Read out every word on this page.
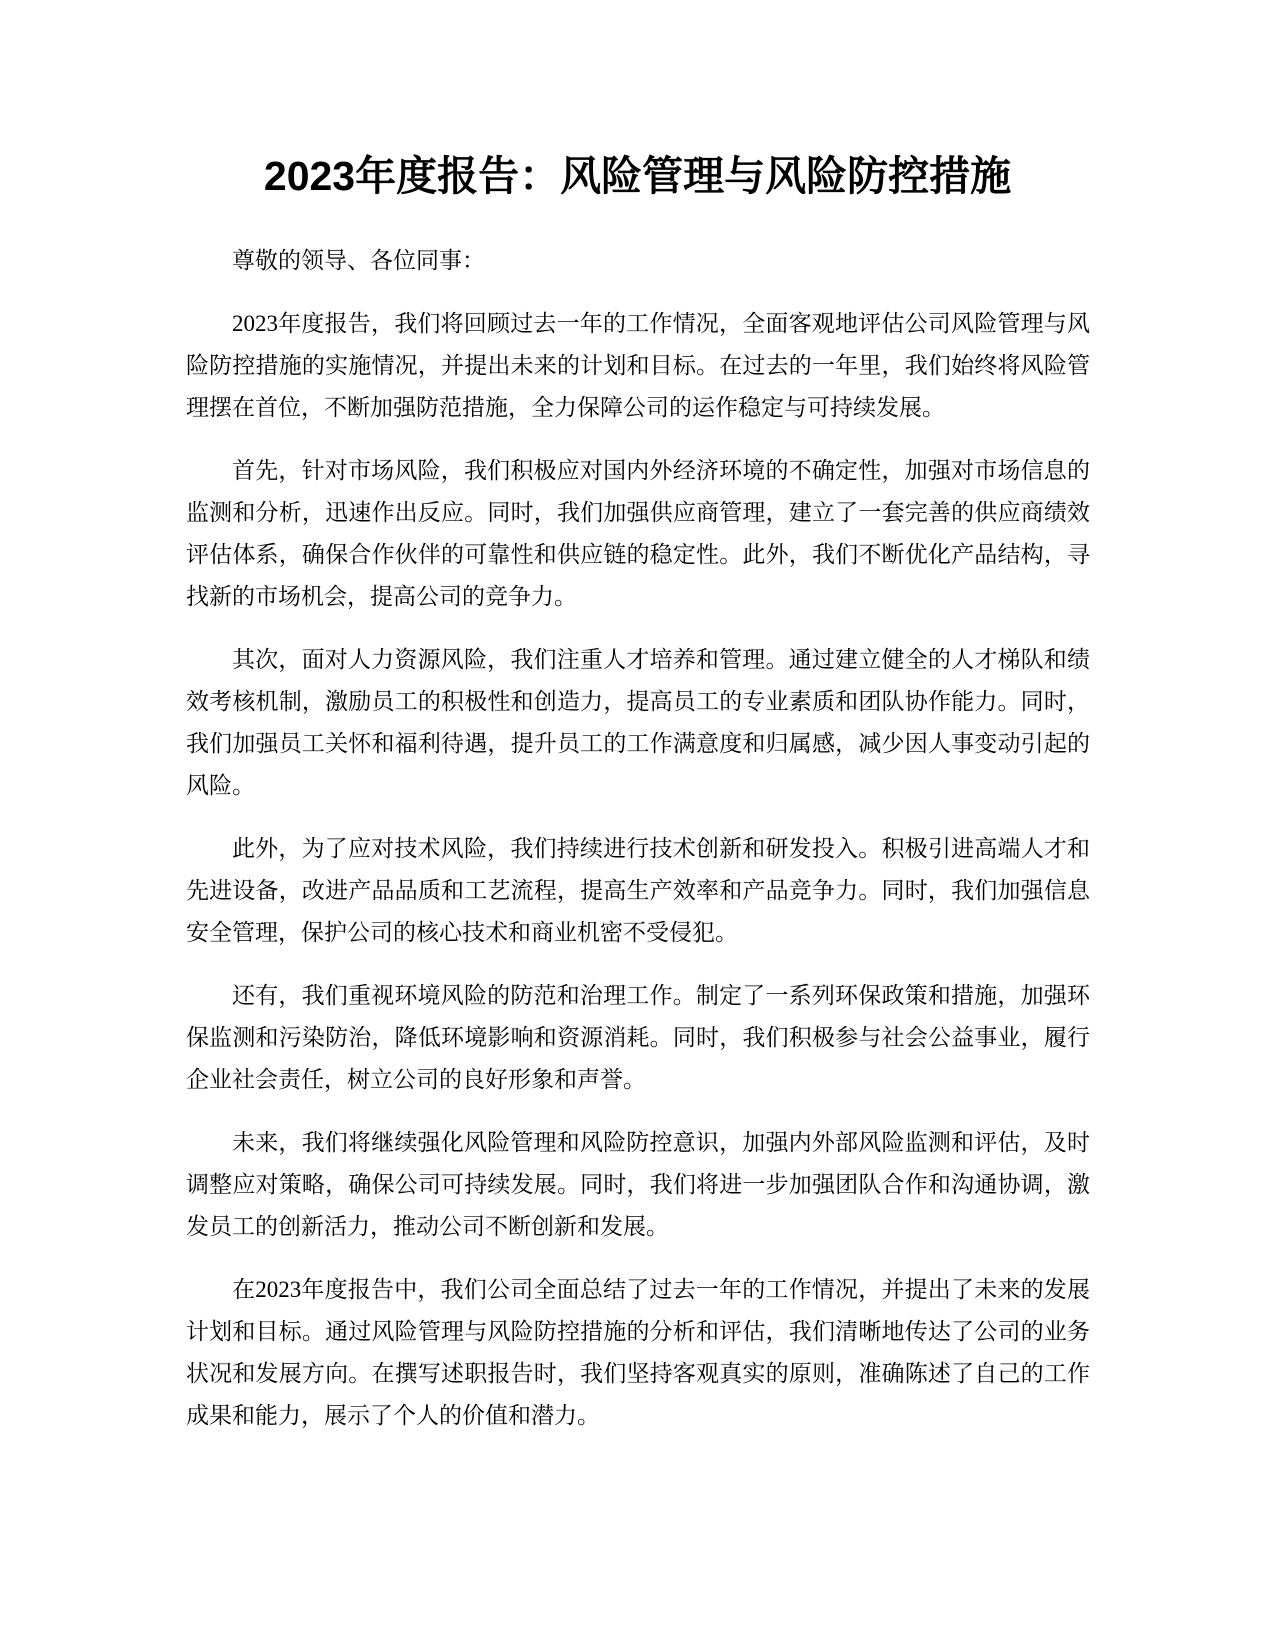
2023年度报告：风险管理与风险防控措施

尊敬的领导、各位同事：

2023年度报告，我们将回顾过去一年的工作情况，全面客观地评估公司风险管理与风险防控措施的实施情况，并提出未来的计划和目标。在过去的一年里，我们始终将风险管理摆在首位，不断加强防范措施，全力保障公司的运作稳定与可持续发展。

首先，针对市场风险，我们积极应对国内外经济环境的不确定性，加强对市场信息的监测和分析，迅速作出反应。同时，我们加强供应商管理，建立了一套完善的供应商绩效评估体系，确保合作伙伴的可靠性和供应链的稳定性。此外，我们不断优化产品结构，寻找新的市场机会，提高公司的竞争力。

其次，面对人力资源风险，我们注重人才培养和管理。通过建立健全的人才梯队和绩效考核机制，激励员工的积极性和创造力，提高员工的专业素质和团队协作能力。同时，我们加强员工关怀和福利待遇，提升员工的工作满意度和归属感，减少因人事变动引起的风险。

此外，为了应对技术风险，我们持续进行技术创新和研发投入。积极引进高端人才和先进设备，改进产品品质和工艺流程，提高生产效率和产品竞争力。同时，我们加强信息安全管理，保护公司的核心技术和商业机密不受侵犯。

还有，我们重视环境风险的防范和治理工作。制定了一系列环保政策和措施，加强环保监测和污染防治，降低环境影响和资源消耗。同时，我们积极参与社会公益事业，履行企业社会责任，树立公司的良好形象和声誉。

未来，我们将继续强化风险管理和风险防控意识，加强内外部风险监测和评估，及时调整应对策略，确保公司可持续发展。同时，我们将进一步加强团队合作和沟通协调，激发员工的创新活力，推动公司不断创新和发展。

在2023年度报告中，我们公司全面总结了过去一年的工作情况，并提出了未来的发展计划和目标。通过风险管理与风险防控措施的分析和评估，我们清晰地传达了公司的业务状况和发展方向。在撰写述职报告时，我们坚持客观真实的原则，准确陈述了自己的工作成果和能力，展示了个人的价值和潜力。
